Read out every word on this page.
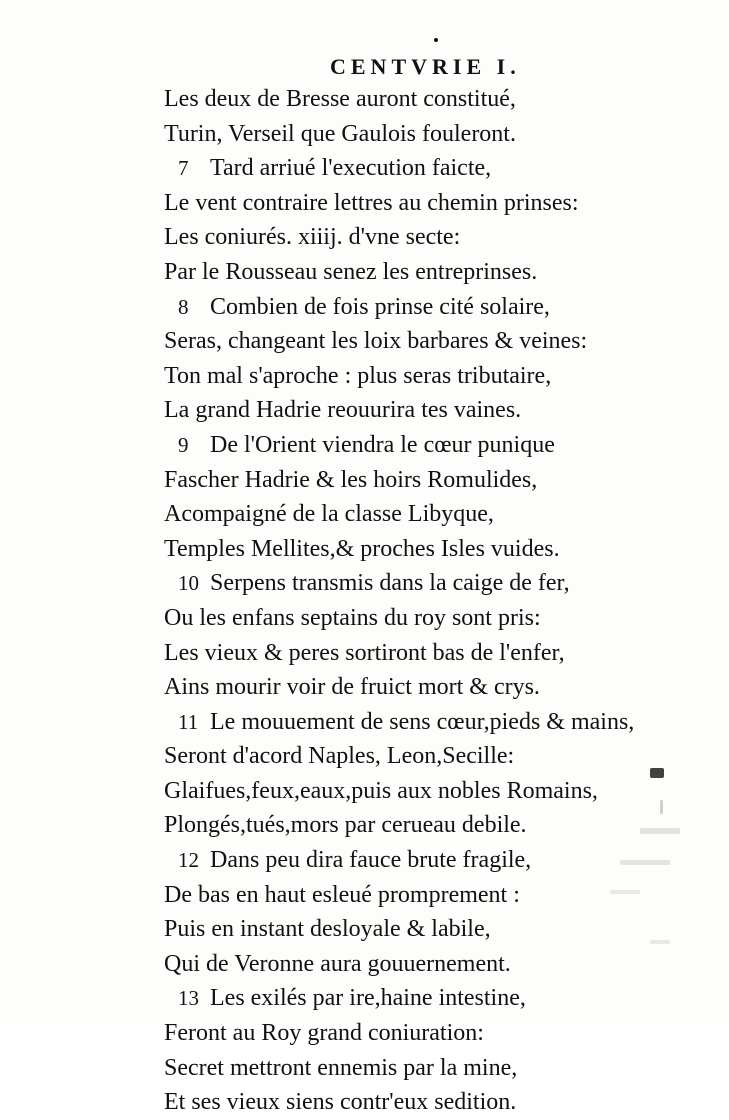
CENTVRIE I.
Les deux de Bresse auront constitué,
Turin, Verseil que Gaulois fouleront.
7 Tard arriué l'execution faicte,
Le vent contraire lettres au chemin prinses:
Les coniurés. xiiij. d'vne secte:
Par le Rousseau senez les entreprinses.
8 Combien de fois prinse cité solaire,
Seras, changeant les loix barbares & veines:
Ton mal s'aproche : plus seras tributaire,
La grand Hadrie reouurira tes vaines.
9 De l'Orient viendra le cœur punique
Fascher Hadrie & les hoirs Romulides,
Acompaigné de la classe Libyque,
Temples Mellites,& proches Isles vuides.
10 Serpens transmis dans la caige de fer,
Ou les enfans septains du roy sont pris:
Les vieux & peres sortiront bas de l'enfer,
Ains mourir voir de fruict mort & crys.
11 Le mouuement de sens cœur,pieds & mains,
Seront d'acord Naples, Leon,Secille:
Glaifues,feux,eaux,puis aux nobles Romains,
Plongés,tués,mors par cerueau debile.
12 Dans peu dira fauce brute fragile,
De bas en haut esleué promprement :
Puis en instant desloyale & labile,
Qui de Veronne aura gouuernement.
13 Les exilés par ire,haine intestine,
Feront au Roy grand coniuration:
Secret mettront ennemis par la mine,
Et ses vieux siens contr'eux sedition.
